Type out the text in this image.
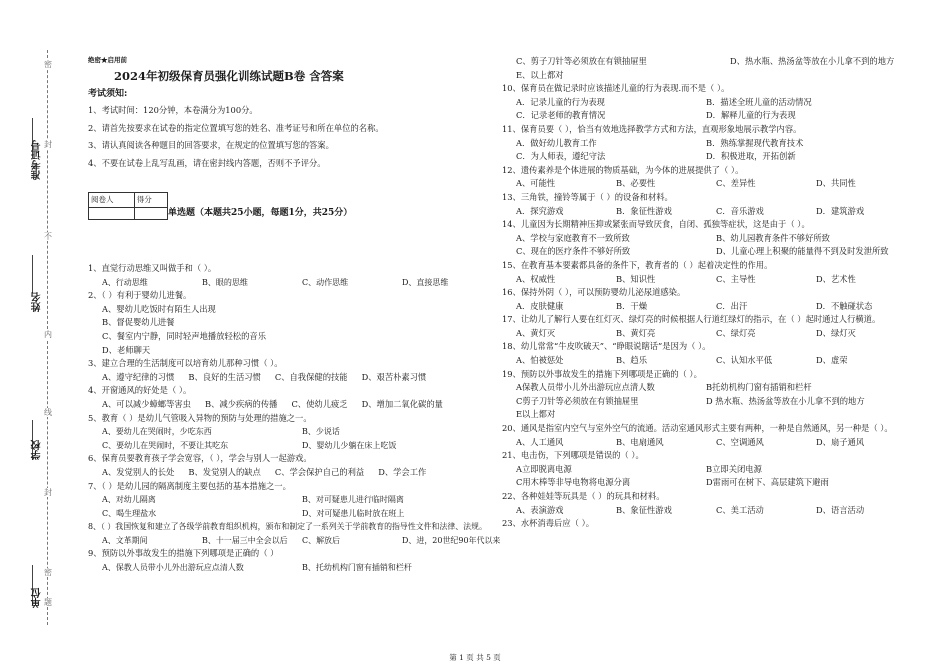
准考证号
姓名
学校
单位
密
封
不
内
线
封
密
题
绝密★启用前
2024年初级保育员强化训练试题B卷 含答案
考试须知:
1、考试时间：120分钟，本卷满分为100分。
2、请首先按要求在试卷的指定位置填写您的姓名、准考证号和所在单位的名称。
3、请认真阅读各种题目的回答要求，在规定的位置填写您的答案。
4、不要在试卷上乱写乱画，请在密封线内答题，否则不予评分。
阅卷人	得分

单选题（本题共25小题，每题1分，共25分）
1、直觉行动思维又叫做手和（ ）。
A、行动思维	B、眼的思维	C、动作思维	D、直接思维
2、（ ）有利于婴幼儿进餐。
A、婴幼儿吃饭时有陌生人出现
B、督促婴幼儿进餐
C、餐室内宁静，同时轻声地播放轻松的音乐
D、老师聊天
3、建立合理的生活制度可以培育幼儿那种习惯（ ）。
A、遵守纪律的习惯 B、良好的生活习惯 C、自我保健的技能 D、艰苦朴素习惯
4、开窗通风的好处是（ ）。
A、可以减少蟑螂等害虫 B、减少疾病的传播 C、使幼儿疲乏 D、增加二氧化碳的量
5、教育（ ）是幼儿气管吸入异物的预防与处理的措施之一。
A、要幼儿在哭闹时，少吃东西	B、少说话
C、要幼儿在哭闹时，不要让其吃东	D、婴幼儿少躺在床上吃饭
6、保育员要教育孩子学会宽容，（ ），学会与别人一起游戏。
A、发觉别人的长处 B、发觉别人的缺点 C、学会保护自己的利益 D、学会工作
7、（ ）是幼儿园的隔离制度主要包括的基本措施之一。
A、对幼儿隔离	B、对可疑患儿进行临时隔离
C、喝生理盐水	D、对可疑患儿临时放在班上
8、（ ）我国恢复和建立了各级学前教育组织机构，颁布和制定了一系列关于学前教育的指导性文件和法律、法规。
A、文革期间	B、十一届三中全会以后 C、解放后	D、进，20世纪90年代以来
9、预防以外事故发生的措施下列哪项是正确的（ ）
A、保教人员带小儿外出游玩应点清人数	B、托幼机构门窗有插销和栏杆
C、剪子刀针等必须放在有锁抽屉里	D、热水瓶、热汤盆等放在小儿拿不到的地方
E、以上都对
10、保育员在做记录时应该描述儿童的行为表现.而不是（ ）。
A．记录儿童的行为表现	B．描述全班儿童的活动情况
C．记录老师的教育情况	D．解释儿童的行为表现
11、保育员要（ ），恰当有效地选择教学方式和方法，直观形象地展示教学内容。
A．做好幼儿教育工作	B．熟练掌握现代教育技术
C．为人师表，遵纪守法	D．积极进取，开拓创新
12、遗传素养是个体进展的物质基础，为今体的进展提供了（ ）。
A、可能性	B、必要性	C、差异性	D、共同性
13、三角铁，撞铃等属于（ ）的设备和材料。
A．探究游戏	B．象征性游戏	C．音乐游戏	D．建筑游戏
14、儿童因为长期精神压抑或紧张而导致厌食，自闭、孤独等症状，这是由于（ ）。
A、学校与家庭教育不一致所致	B、幼儿园教育条件不够好所致
C、现在的医疗条件不够好所致	D、儿童心理上积聚的能量得不到及时发泄所致
15、在教育基本要素都具备的条件下，教育者的（ ）起着决定性的作用。
A、权威性	B、知识性	C、主导性	D、艺术性
16、保持外阴（ ），可以预防婴幼儿泌尿道感染。
A．皮肤健康	B．干燥	C．出汗	D．不触碰状态
17、让幼儿了解行人要在红灯灭、绿灯亮的时候根据人行道红绿灯的指示，在（ ）起时通过人行横道。
A、黄灯灭	B、黄灯亮	C、绿灯亮	D、绿灯灭
18、幼儿常常“牛皮吹破天”、“睁眼说瞎话”是因为（ ）。
A、怕被惩处	B、趋乐	C、认知水平低	D、虚荣
19、预防以外事故发生的措施下列哪项是正确的（ ）。
A保教人员带小儿外出游玩应点清人数	B托幼机构门窗有插销和栏杆
C剪子刀针等必须放在有锁抽屉里	D 热水瓶、热汤盆等放在小儿拿不到的地方
E以上都对
20、通风是指室内空气与室外空气的流通。活动室通风形式主要有两种，一种是自然通风，另一种是（ ）。
A、人工通风	B、电扇通风	C、空调通风	D、扇子通风
21、电击伤，下列哪项是错误的（ ）。
A立即脱离电源	B立即关闭电源
C用木棒等非导电物将电源分离	D雷雨可在树下、高层建筑下避雨
22、各种娃娃等玩具是（ ）的玩具和材料。
A、表演游戏	B、象征性游戏	C、美工活动	D、语言活动
23、水杯消毒后应（ ）。
第 1 页 共 5 页
